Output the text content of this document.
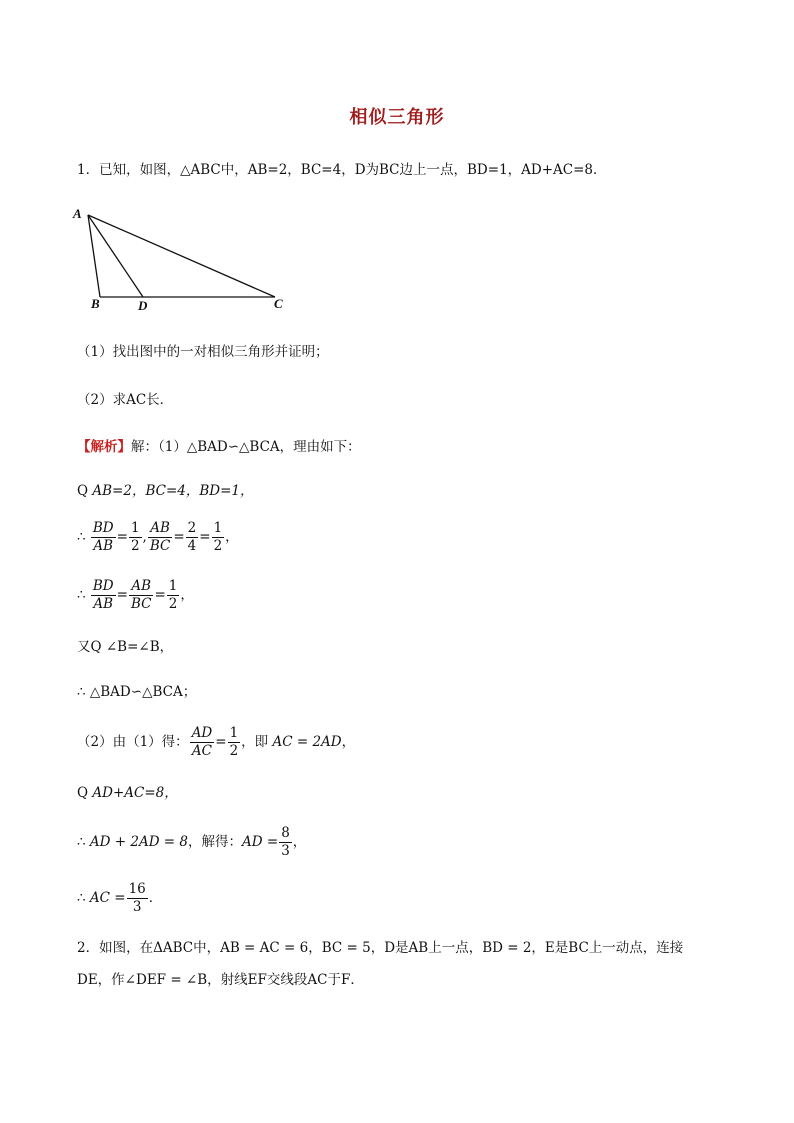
相似三角形
1．已知，如图，△ABC中，AB=2，BC=4，D为BC边上一点，BD=1，AD+AC=8．
A
B	D	C
（1）找出图中的一对相似三角形并证明；
（2）求AC长．
【解析】解：（1）△BAD∽△BCA，理由如下：
Q AB=2，BC=4，BD=1，
∴ $\frac{BD}{AB} = \frac{1}{2}$ , $\frac{AB}{BC} = \frac{2}{4} = \frac{1}{2}$ ，
∴ $\frac{BD}{AB} = \frac{AB}{BC} = \frac{1}{2}$ ，
又Q ∠B=∠B，
∴ △BAD∽△BCA；
（2）由（1）得： $\frac{AD}{AC} = \frac{1}{2}$ ，即 AC = 2AD，
Q AD+AC=8，
∴ AD + 2AD = 8，解得：AD = $\frac{8}{3}$ ，
∴ AC = $\frac{16}{3}$ ．
2．如图，在ΔABC中，AB = AC = 6，BC = 5，D是AB上一点，BD = 2，E是BC上一动点，连接
DE，作∠DEF = ∠B，射线EF交线段AC于F．
